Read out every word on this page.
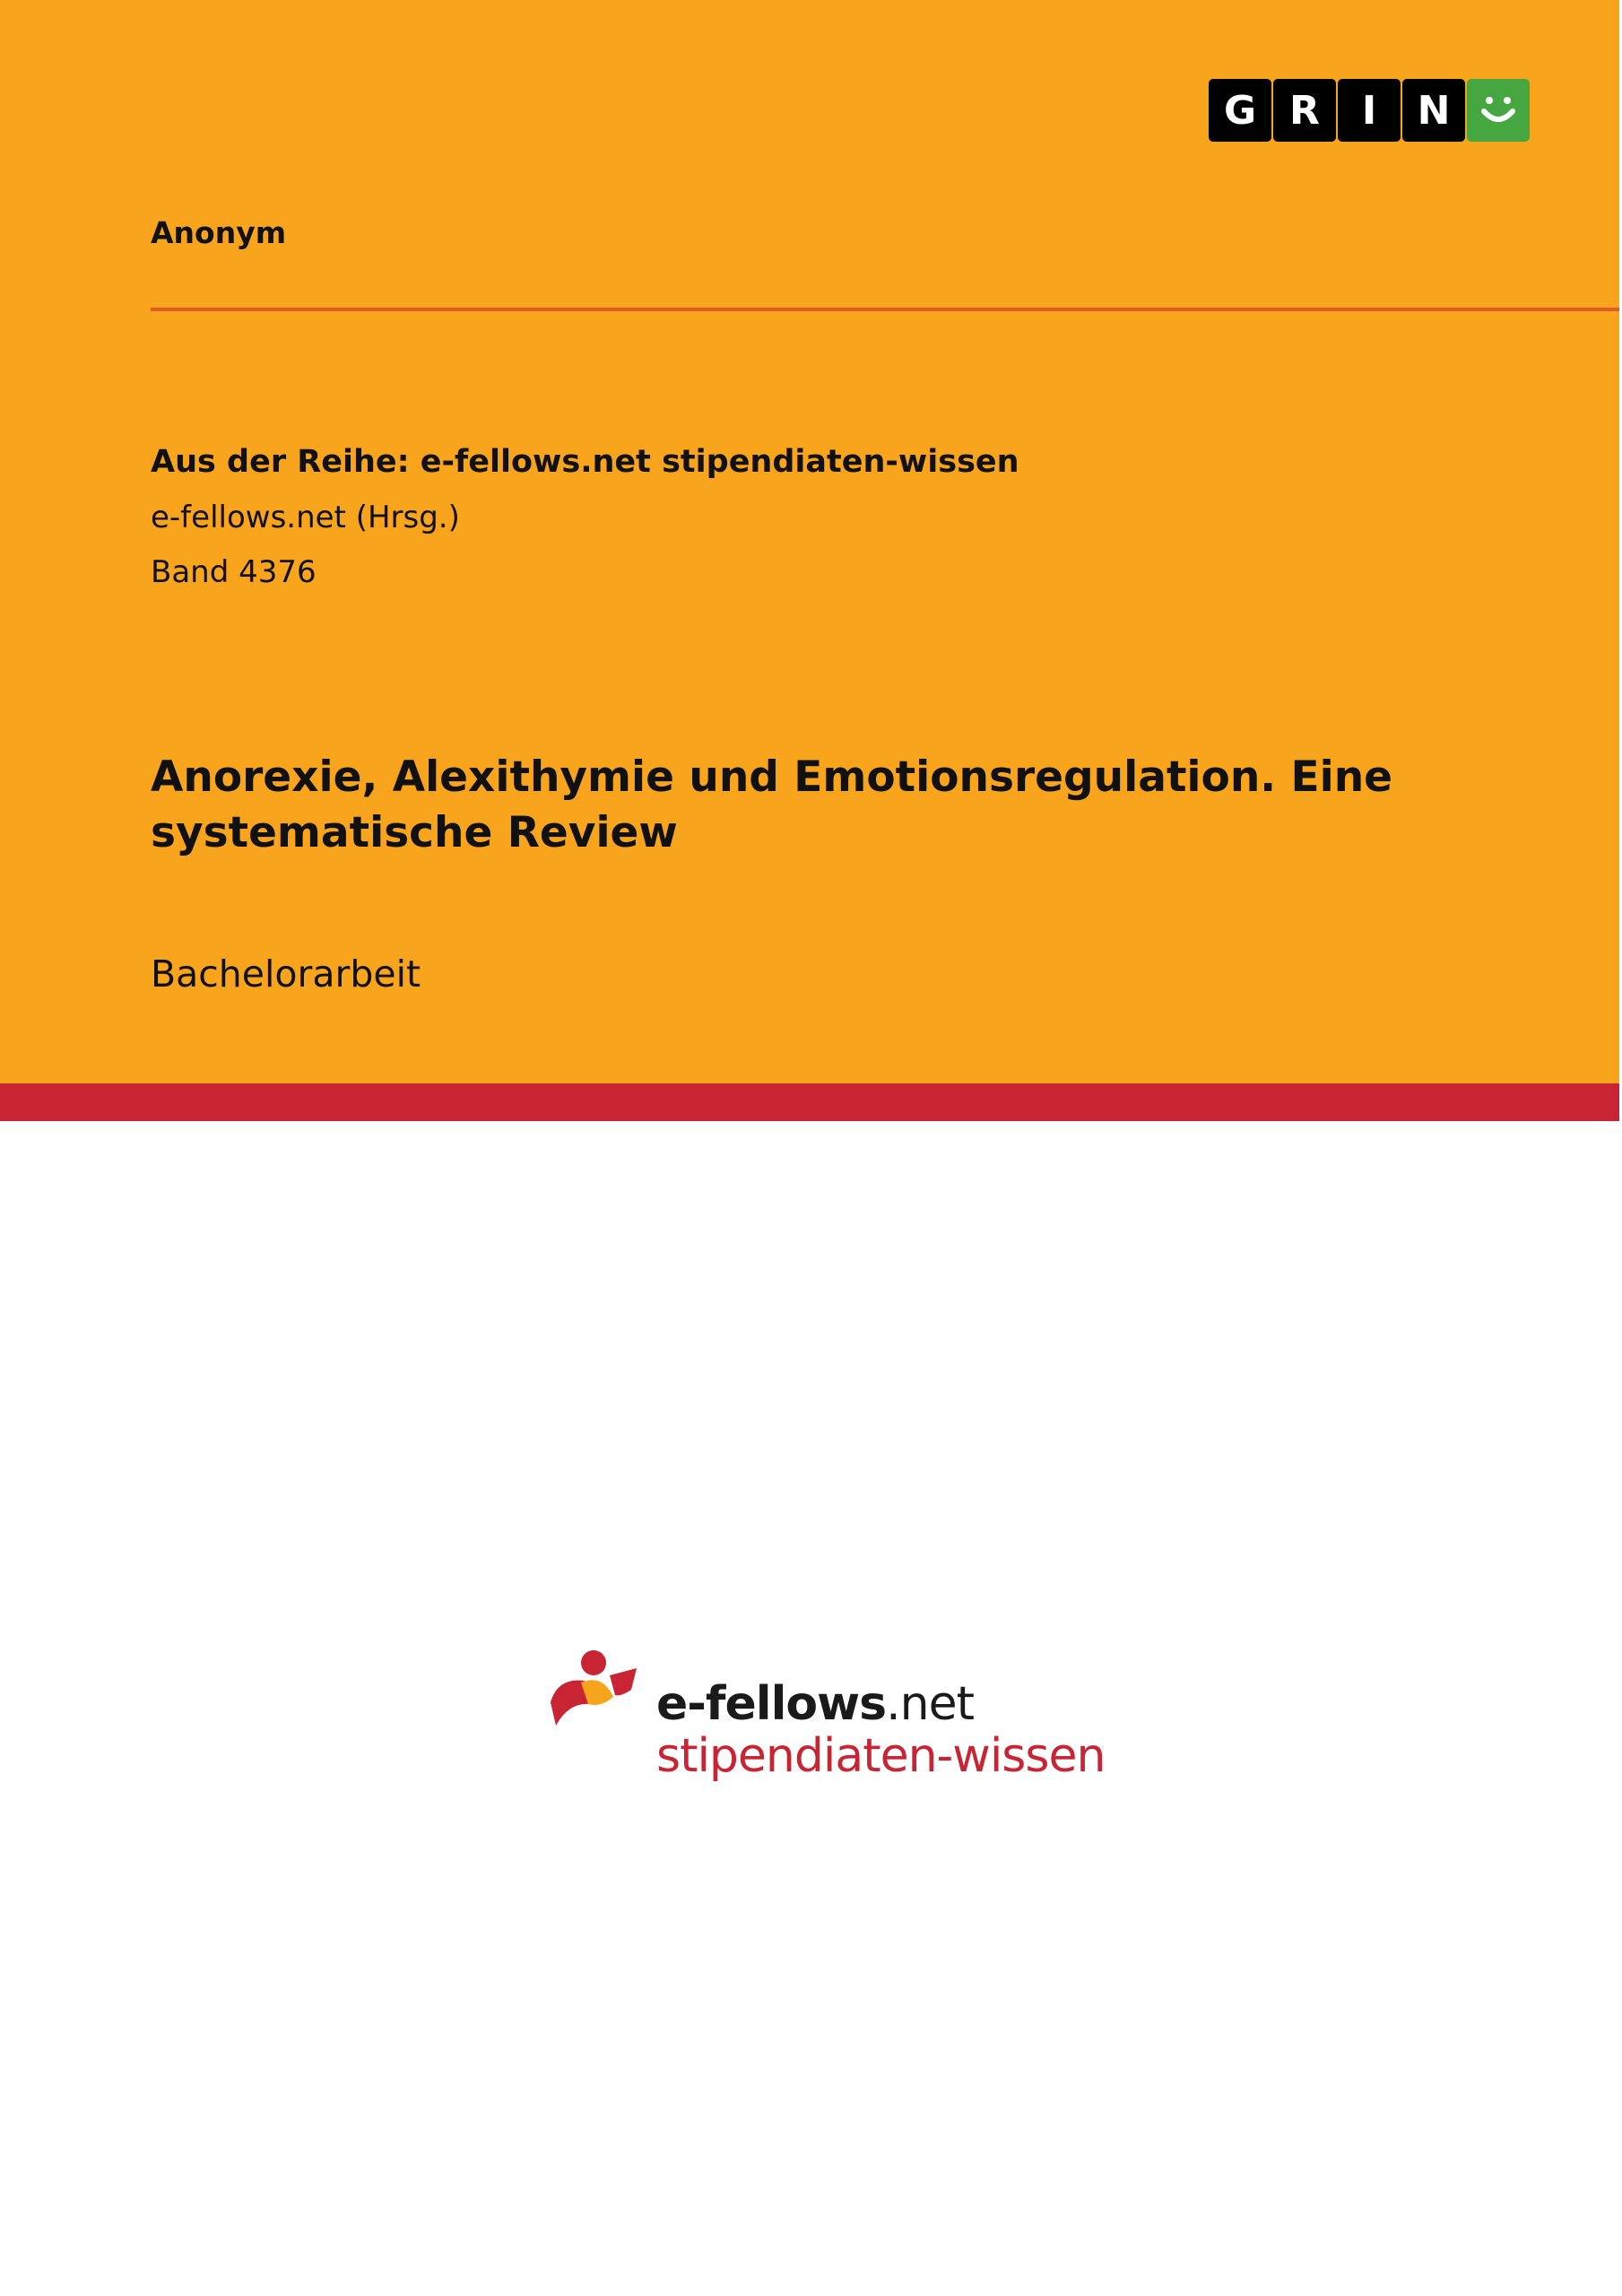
G R	I	N
Anonym
Aus der Reihe: e-fellows.net stipendiaten-wissen
e-fellows.net (Hrsg.)
Band 4376
Anorexie, Alexithymie und Emotionsregulation. Eine systematische Review
Bachelorarbeit
e-fellows.net
stipendiaten-wissen
